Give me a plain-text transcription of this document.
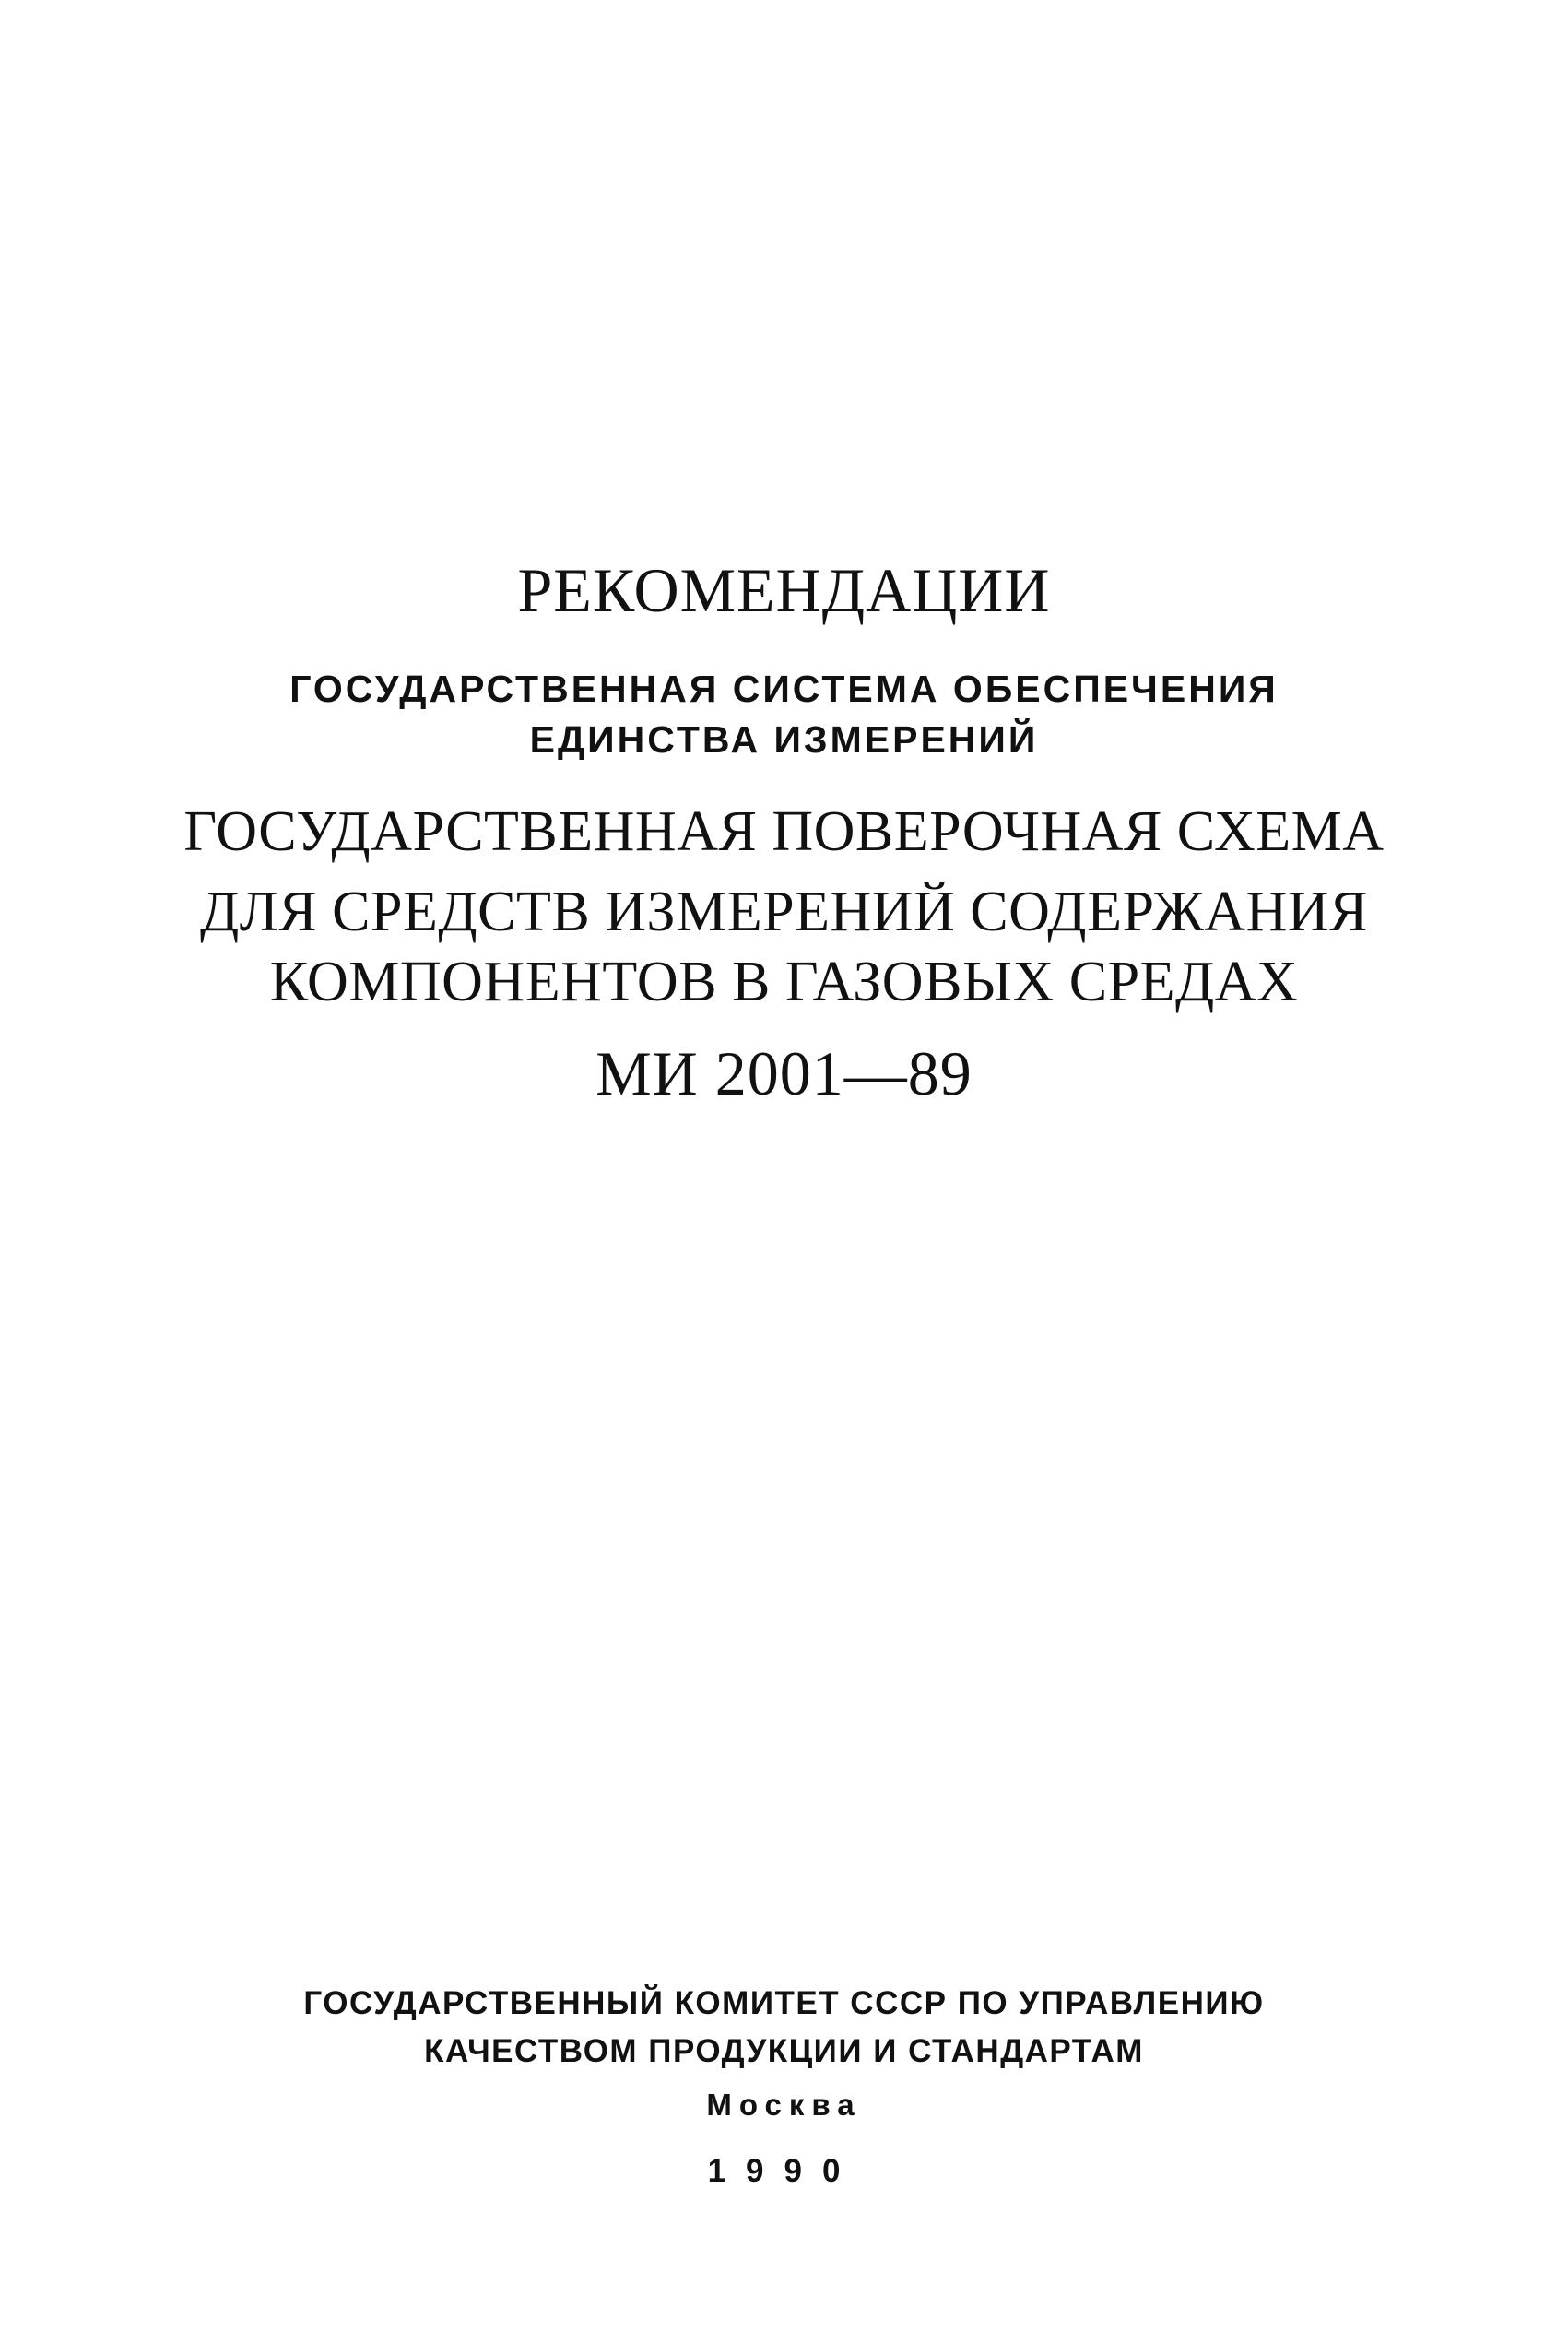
РЕКОМЕНДАЦИИ
ГОСУДАРСТВЕННАЯ СИСТЕМА ОБЕСПЕЧЕНИЯ
ЕДИНСТВА ИЗМЕРЕНИЙ
ГОСУДАРСТВЕННАЯ ПОВЕРОЧНАЯ СХЕМА
ДЛЯ СРЕДСТВ ИЗМЕРЕНИЙ СОДЕРЖАНИЯ
КОМПОНЕНТОВ В ГАЗОВЫХ СРЕДАХ
МИ 2001—89
ГОСУДАРСТВЕННЫЙ КОМИТЕТ СССР ПО УПРАВЛЕНИЮ
КАЧЕСТВОМ ПРОДУКЦИИ И СТАНДАРТАМ
Москва
1990
